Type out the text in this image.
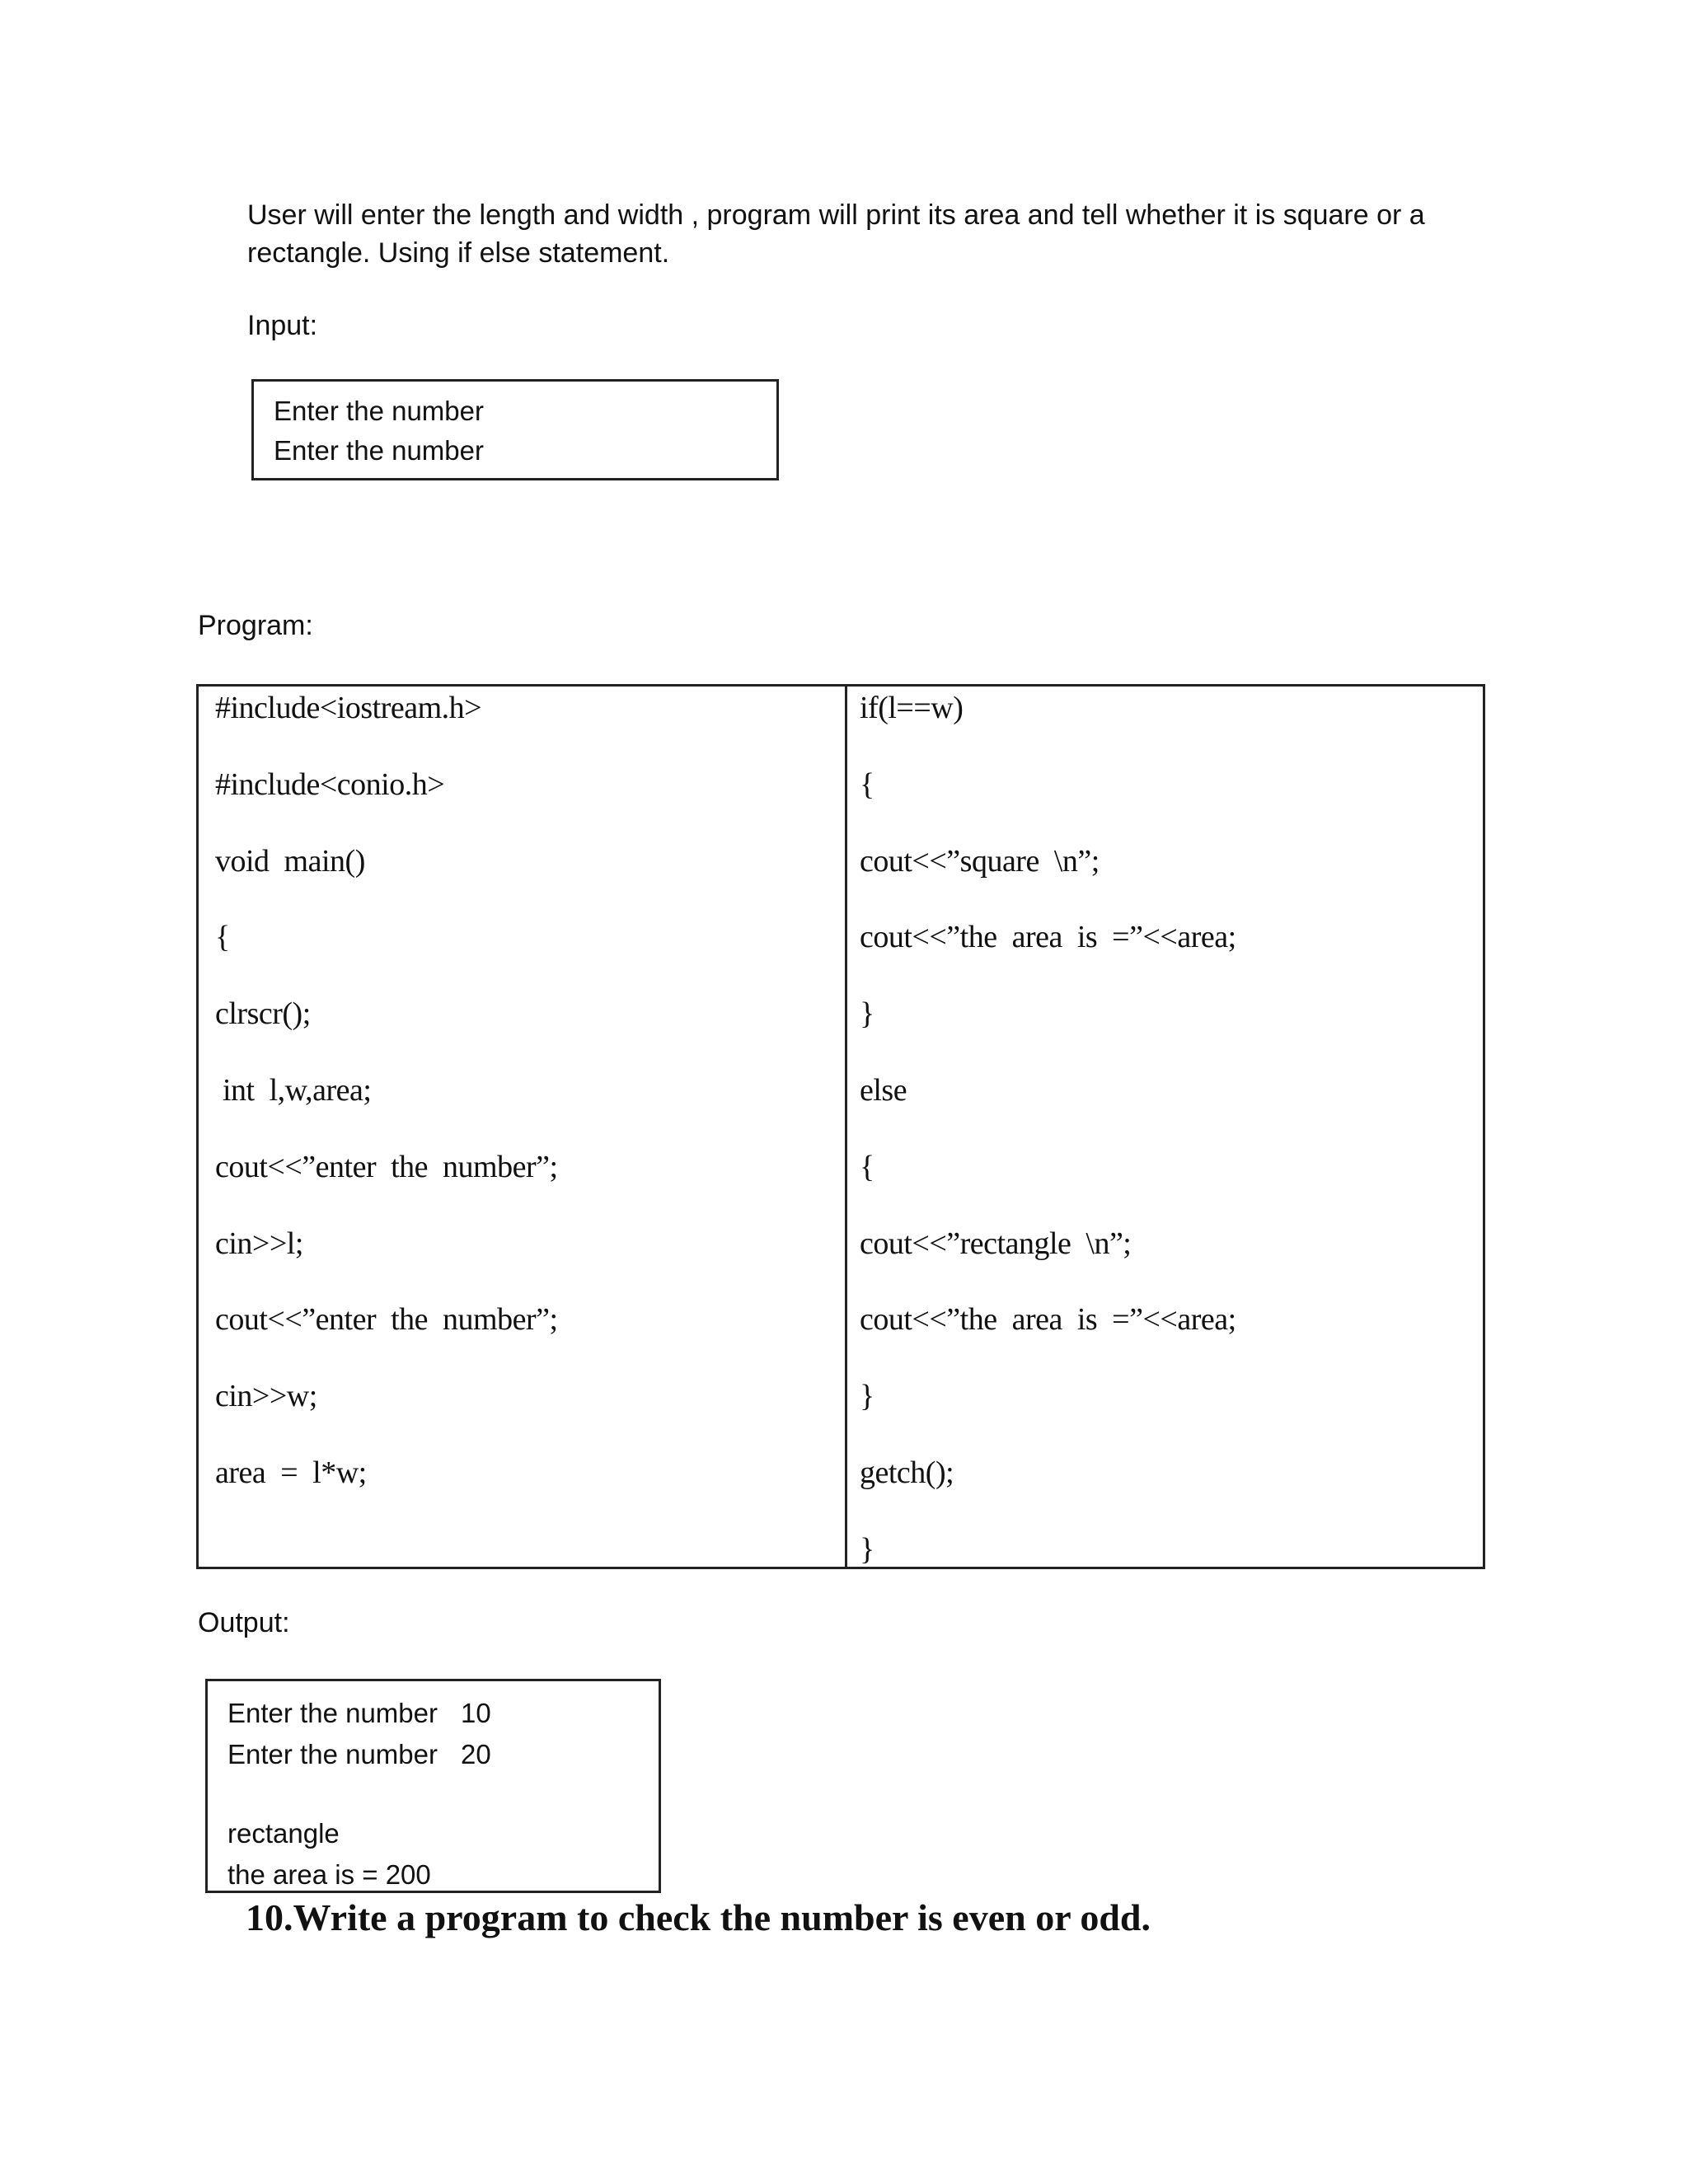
User will enter the length and width , program will print its area and tell whether it is square or a
rectangle. Using if else statement.
Input:
Enter the number
Enter the number
Program:
#include<iostream.h>
#include<conio.h>
void  main()
{
clrscr();
int  l,w,area;
cout<<”enter  the  number”;
cin>>l;
cout<<”enter  the  number”;
cin>>w;
area  =  l*w;
if(l==w)
{
cout<<”square  \n”;
cout<<”the  area  is  =”<<area;
}
else
{
cout<<”rectangle  \n”;
cout<<”the  area  is  =”<<area;
}
getch();
}
Output:
Enter the number 10
Enter the number 20
rectangle
the area is = 200
10.Write a program to check the number is even or odd.
